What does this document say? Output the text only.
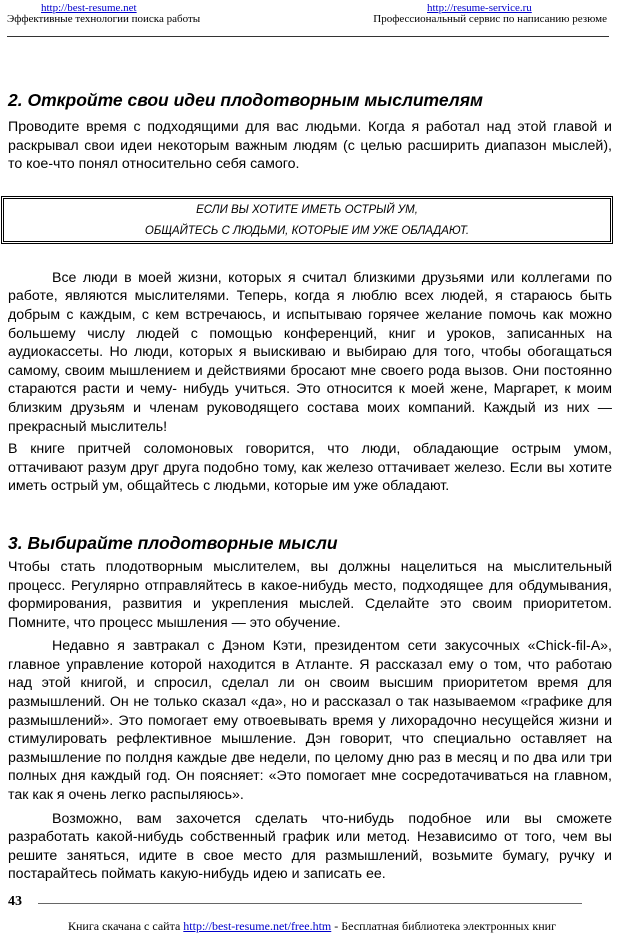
http://best-resume.net	http://resume-service.ru
Эффективные технологии поиска работы	Профессиональный сервис по написанию резюме
2. Откройте свои идеи плодотворным мыслителям

Проводите время с подходящими для вас людьми. Когда я работал над этой главой и раскрывал свои идеи некоторым важным людям (с целью расширить диапазон мыслей), то кое-что понял относительно себя самого.

ЕСЛИ ВЫ ХОТИТЕ ИМЕТЬ ОСТРЫЙ УМ,
ОБЩАЙТЕСЬ С ЛЮДЬМИ, КОТОРЫЕ ИМ УЖЕ ОБЛАДАЮТ.

Все люди в моей жизни, которых я считал близкими друзьями или коллегами по работе, являются мыслителями. Теперь, когда я люблю всех людей, я стараюсь быть добрым с каждым, с кем встречаюсь, и испытываю горячее желание помочь как можно большему числу людей с помощью конференций, книг и уроков, записанных на аудиокассеты. Но люди, которых я выискиваю и выбираю для того, чтобы обогащаться самому, своим мышлением и действиями бросают мне своего рода вызов. Они постоянно стараются расти и чему- нибудь учиться. Это относится к моей жене, Маргарет, к моим близким друзьям и членам руководящего состава моих компаний. Каждый из них — прекрасный мыслитель!

В книге притчей соломоновых говорится, что люди, обладающие острым умом, оттачивают разум друг друга подобно тому, как железо оттачивает железо. Если вы хотите иметь острый ум, общайтесь с людьми, которые им уже обладают.

3. Выбирайте плодотворные мысли

Чтобы стать плодотворным мыслителем, вы должны нацелиться на мыслительный процесс. Регулярно отправляйтесь в какое-нибудь место, подходящее для обдумывания, формирования, развития и укрепления мыслей. Сделайте это своим приоритетом. Помните, что процесс мышления — это обучение.

Недавно я завтракал с Дэном Кэти, президентом сети закусочных «Chick-fil-A», главное управление которой находится в Атланте. Я рассказал ему о том, что работаю над этой книгой, и спросил, сделал ли он своим высшим приоритетом время для размышлений. Он не только сказал «да», но и рассказал о так называемом «графике для размышлений». Это помогает ему отвоевывать время у лихорадочно несущейся жизни и стимулировать рефлективное мышление. Дэн говорит, что специально оставляет на размышление по полдня каждые две недели, по целому дню раз в месяц и по два или три полных дня каждый год. Он поясняет: «Это помогает мне сосредотачиваться на главном, так как я очень легко распыляюсь».

Возможно, вам захочется сделать что-нибудь подобное или вы сможете разработать какой-нибудь собственный график или метод. Независимо от того, чем вы решите заняться, идите в свое место для размышлений, возьмите бумагу, ручку и постарайтесь поймать какую-нибудь идею и записать ее.

43
Книга скачана с сайта http://best-resume.net/free.htm - Бесплатная библиотека электронных книг
